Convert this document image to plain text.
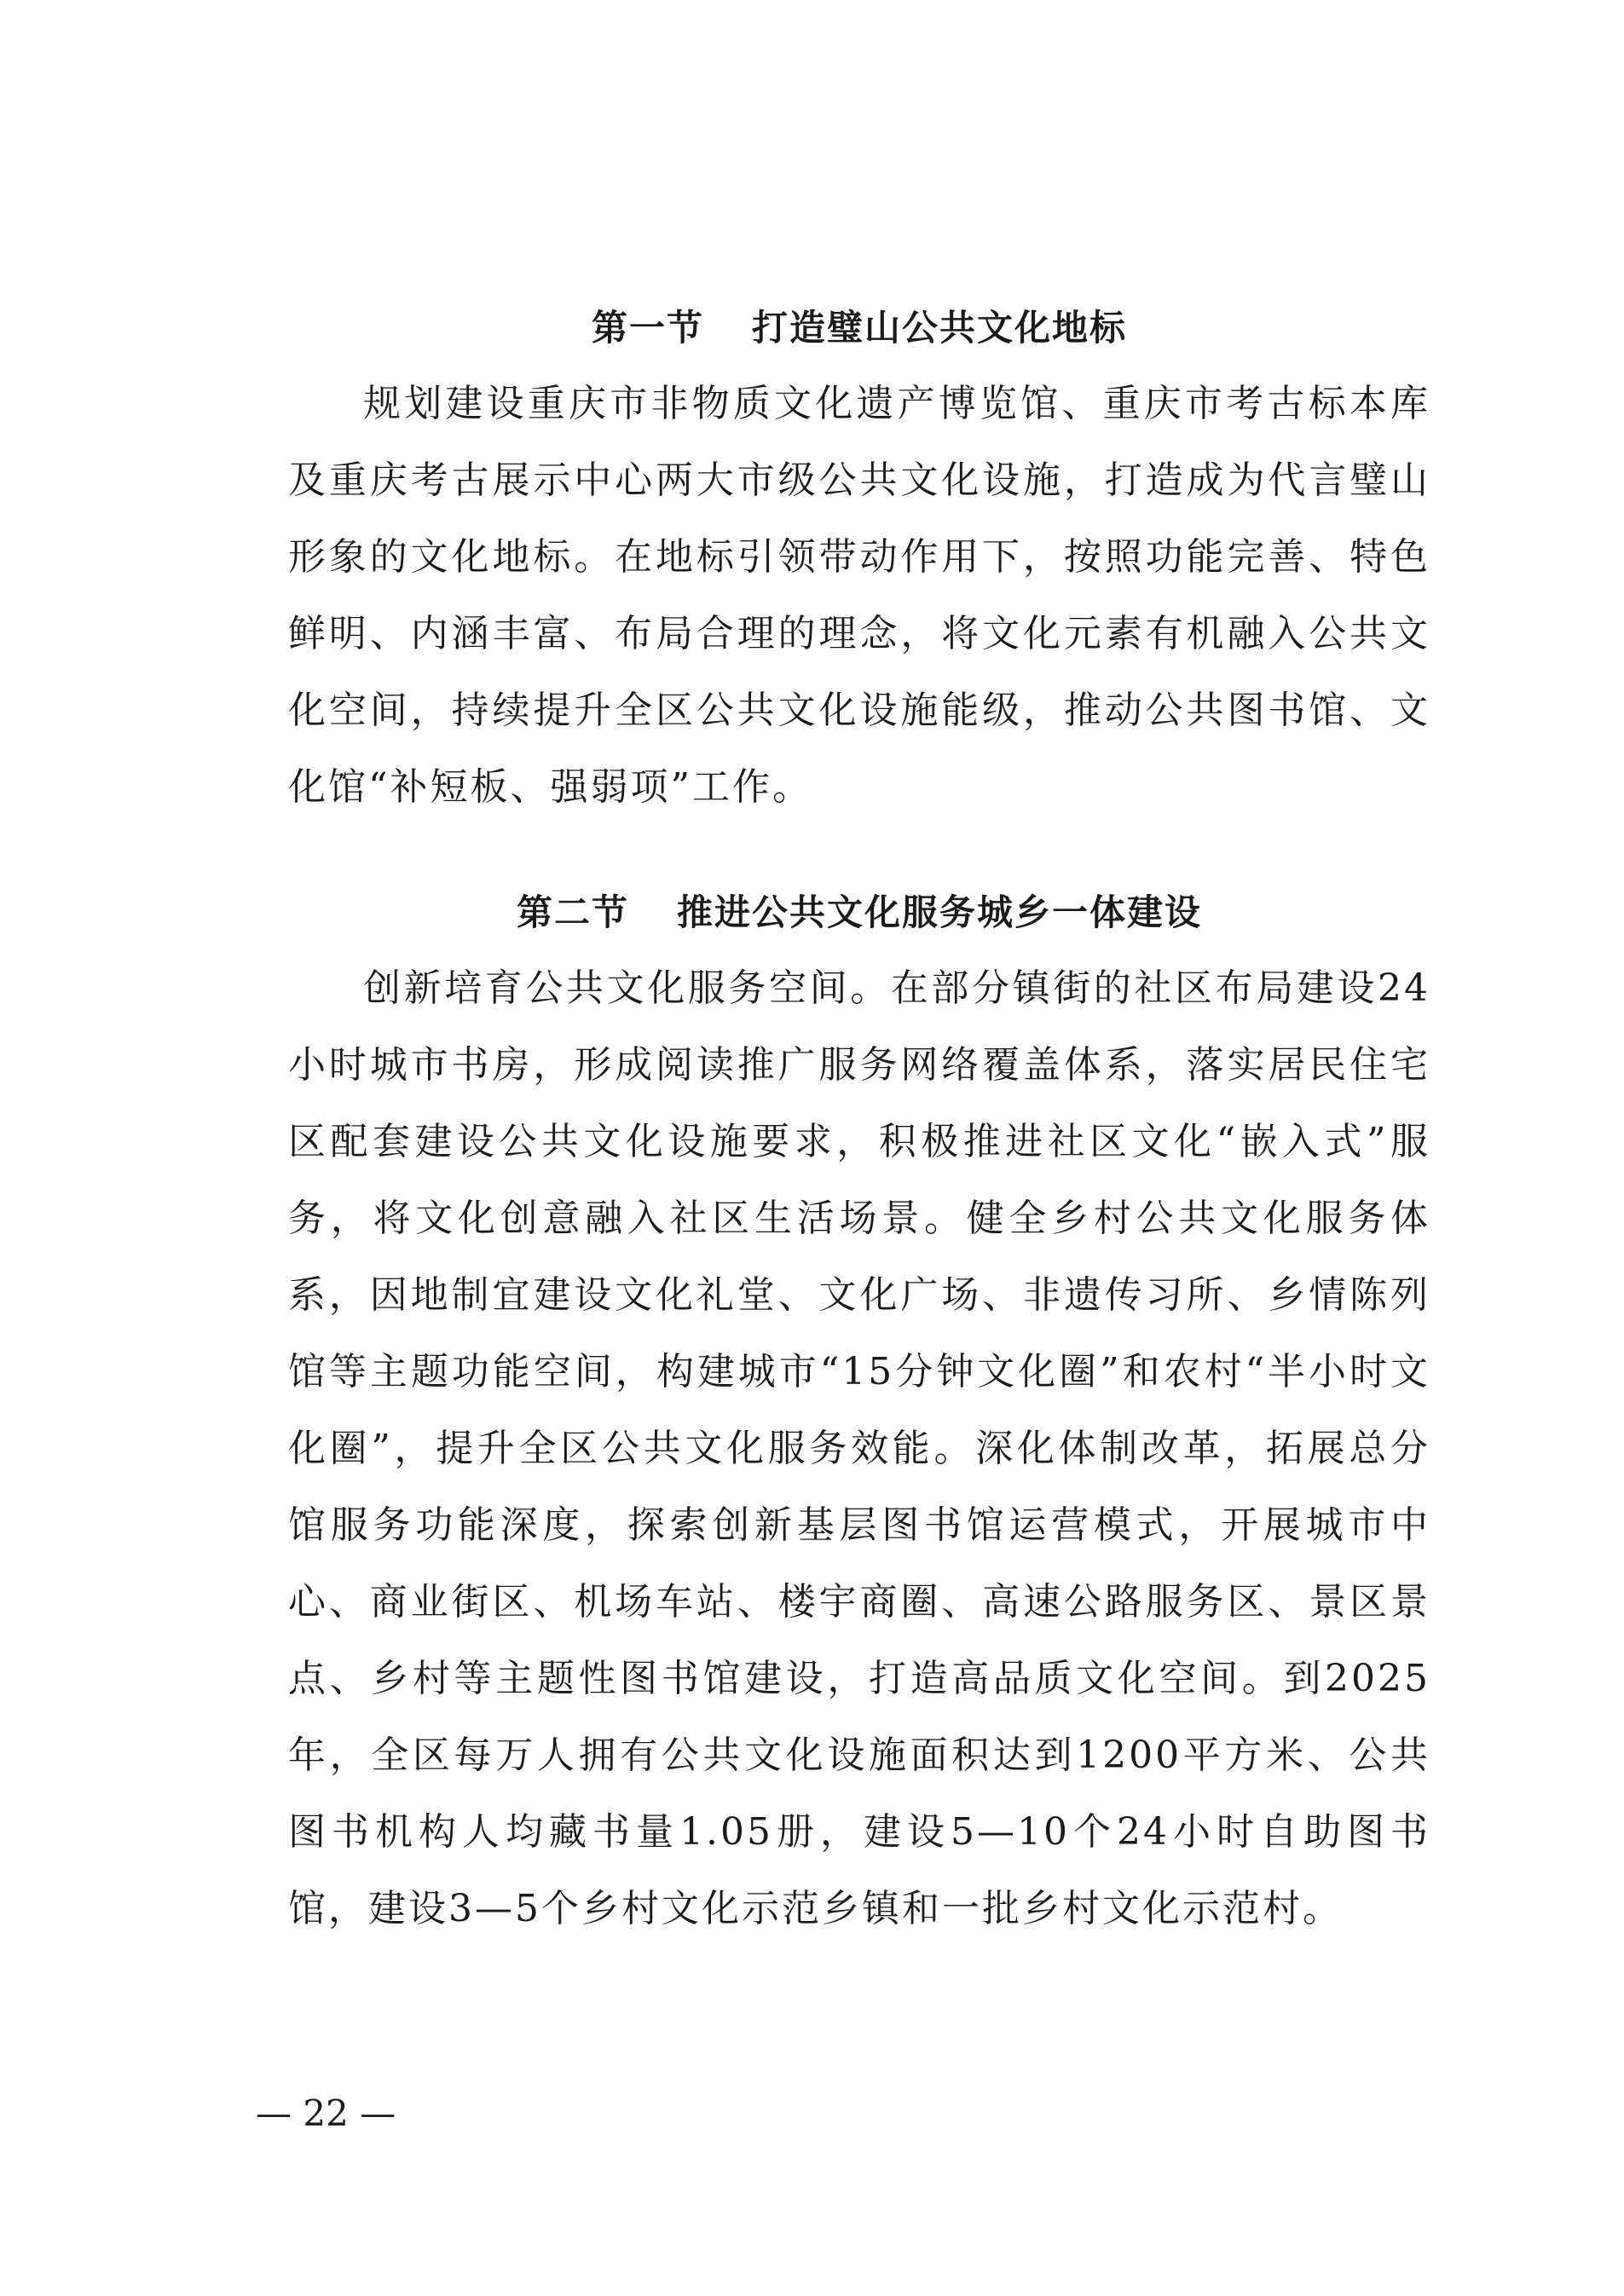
第一节 打造璧山公共文化地标

规划建设重庆市非物质文化遗产博览馆、重庆市考古标本库及重庆考古展示中心两大市级公共文化设施，打造成为代言璧山形象的文化地标。在地标引领带动作用下，按照功能完善、特色鲜明、内涵丰富、布局合理的理念，将文化元素有机融入公共文化空间，持续提升全区公共文化设施能级，推动公共图书馆、文化馆“补短板、强弱项”工作。

第二节 推进公共文化服务城乡一体建设

创新培育公共文化服务空间。在部分镇街的社区布局建设24小时城市书房，形成阅读推广服务网络覆盖体系，落实居民住宅区配套建设公共文化设施要求，积极推进社区文化“嵌入式”服务，将文化创意融入社区生活场景。健全乡村公共文化服务体系，因地制宜建设文化礼堂、文化广场、非遗传习所、乡情陈列馆等主题功能空间，构建城市“15分钟文化圈”和农村“半小时文化圈”，提升全区公共文化服务效能。深化体制改革，拓展总分馆服务功能深度，探索创新基层图书馆运营模式，开展城市中心、商业街区、机场车站、楼宇商圈、高速公路服务区、景区景点、乡村等主题性图书馆建设，打造高品质文化空间。到2025年，全区每万人拥有公共文化设施面积达到1200平方米、公共图书机构人均藏书量1.05册，建设5—10个24小时自助图书馆，建设3—5个乡村文化示范乡镇和一批乡村文化示范村。

— 22 —
